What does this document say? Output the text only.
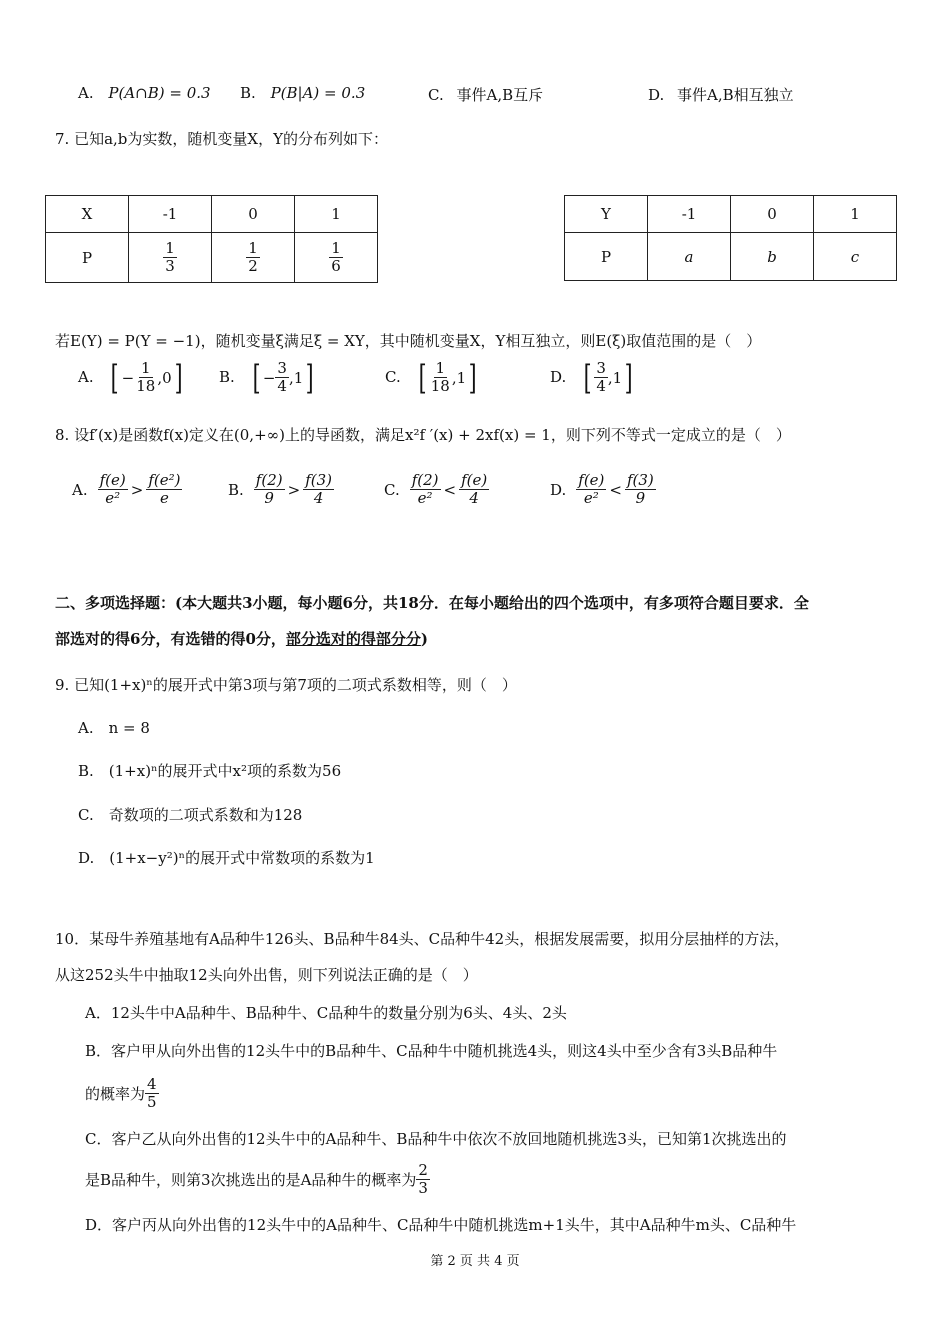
A. P(A∩B) = 0.3 B. P(B|A) = 0.3	C. 事件A,B互斥	D. 事件A,B相互独立
7. 已知a,b为实数，随机变量X，Y的分布列如下：
X	-1	0	1
P	$\frac{1}{3}$	$\frac{1}{2}$	$\frac{1}{6}$
Y	-1	0	1
P	a	b	c
若E(Y) = P(Y = −1)，随机变量ξ满足ξ = XY，其中随机变量X，Y相互独立，则E(ξ)取值范围的是（　）
A. [ − $\frac{1}{18} ,0$ ] B. [ − $\frac{3}{4} ,1$ ]	C. [ $\frac{1}{18} ,1$ ]	D. [ $\frac{3}{4} ,1$ ]
8. 设f′(x)是函数f(x)定义在(0,+∞)上的导函数，满足x²f ′(x) + 2xf(x) = 1，则下列不等式一定成立的是（　）
A. $\frac{f(e)}{\text{e²}} > \frac{\text{f(e²)}}{e}$	B. $\frac{f(2)}{9} > \frac{f(3)}{4}$	C. $\frac{f(2)}{\text{e²}} < \frac{f(e)}{4}$	D. $\frac{f(e)}{\text{e²}} < \frac{f(3)}{9}$
二、多项选择题：(本大题共3小题，每小题6分，共18分．在每小题给出的四个选项中，有多项符合题目要求．全
部选对的得6分，有选错的得0分，部分选对的得部分分)
9. 已知(1+x)ⁿ的展开式中第3项与第7项的二项式系数相等，则（　）
A.　n = 8
B.　(1+x)ⁿ的展开式中x²项的系数为56
C.　奇数项的二项式系数和为128
D.　(1+x−y²)ⁿ的展开式中常数项的系数为1
10．某母牛养殖基地有A品种牛126头、B品种牛84头、C品种牛42头，根据发展需要，拟用分层抽样的方法，
从这252头牛中抽取12头向外出售，则下列说法正确的是（　）
A．12头牛中A品种牛、B品种牛、C品种牛的数量分别为6头、4头、2头
B．客户甲从向外出售的12头牛中的B品种牛、C品种牛中随机挑选4头，则这4头中至少含有3头B品种牛
的概率为 $\frac{4}{5}$
C．客户乙从向外出售的12头牛中的A品种牛、B品种牛中依次不放回地随机挑选3头，已知第1次挑选出的
是B品种牛，则第3次挑选出的是A品种牛的概率为 $\frac{2}{3}$
D．客户丙从向外出售的12头牛中的A品种牛、C品种牛中随机挑选m+1头牛，其中A品种牛m头、C品种牛
第 2 页 共 4 页
